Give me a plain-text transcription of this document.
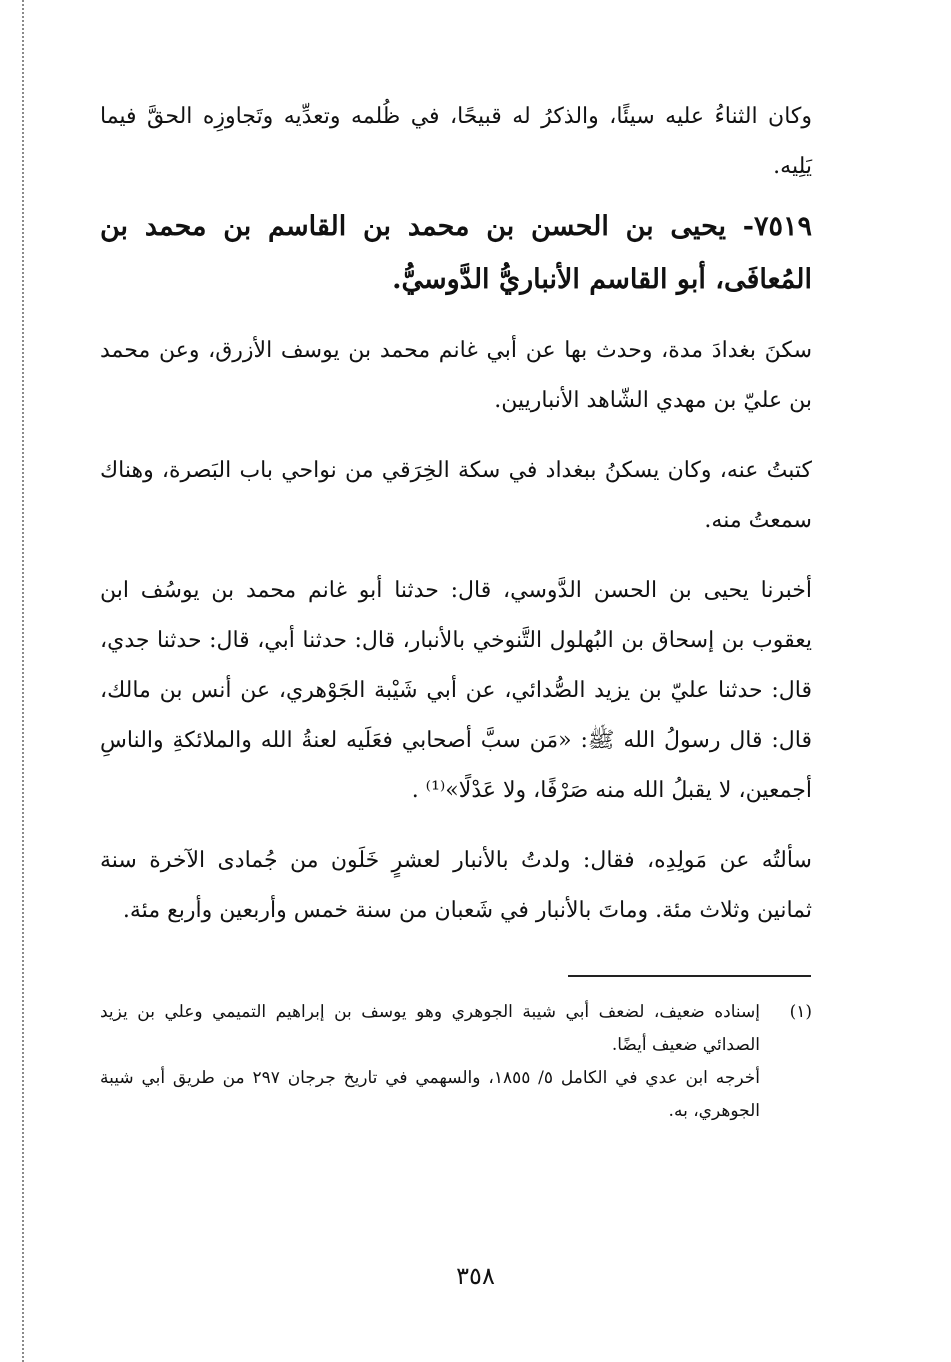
وكان الثناءُ عليه سيئًا، والذكرُ له قبيحًا، في ظُلمه وتعدِّيه وتَجاوزِه الحقَّ فيما يَلِيه.

٧٥١٩- يحيى بن الحسن بن محمد بن القاسم بن محمد بن المُعافَى، أبو القاسم الأنباريُّ الدَّوسيُّ.

سكنَ بغدادَ مدة، وحدث بها عن أبي غانم محمد بن يوسف الأزرق، وعن محمد بن عليّ بن مهدي الشّاهد الأنباريين.

كتبتُ عنه، وكان يسكنُ ببغداد في سكة الخِرَقي من نواحي باب البَصرة، وهناك سمعتُ منه.

أخبرنا يحيى بن الحسن الدَّوسي، قال: حدثنا أبو غانم محمد بن يوسُف ابن يعقوب بن إسحاق بن البُهلول التَّنوخي بالأنبار، قال: حدثنا أبي، قال: حدثنا جدي، قال: حدثنا عليّ بن يزيد الصُّدائي، عن أبي شَيْبة الجَوْهري، عن أنس بن مالك، قال: قال رسولُ الله ﷺ: «مَن سبَّ أصحابي فعَلَيه لعنةُ الله والملائكةِ والناسِ أجمعين، لا يقبلُ الله منه صَرْفًا، ولا عَدْلًا»⁽¹⁾ .

سألتُه عن مَولِدِه، فقال: ولدتُ بالأنبار لعشرٍ خَلَون من جُمادى الآخرة سنة ثمانين وثلاث مئة. وماتَ بالأنبار في شَعبان من سنة خمس وأربعين وأربع مئة.

(١)

إسناده ضعيف، لضعف أبي شيبة الجوهري وهو يوسف بن إبراهيم التميمي وعلي بن يزيد الصدائي ضعيف أيضًا.

أخرجه ابن عدي في الكامل ٥/ ١٨٥٥، والسهمي في تاريخ جرجان ٢٩٧ من طريق أبي شيبة الجوهري، به.

٣٥٨
